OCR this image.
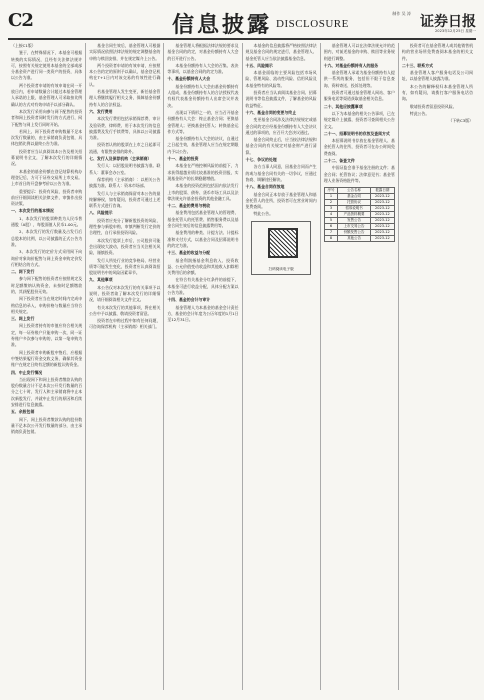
C2	信息披露 DISCLOSURE
制作 吴 涛 证券日报
2023年12月25日 星期一

（上接C1版）

鉴于，在特殊情况下，本基金可根据转换的实际情况，且经有关法律法规许可，按照有关规定使用本基金的全部或部分基金资产进行同一类资产的投资，具体以公告为准。

两个投资者申请的有效申请在同一开放日内，若申请数量合计超过本基金管理人承诺的上限，基金管理人可采取按比例确认的方式对有效申请予以部分确认。

本次发行采用向参与网下配售的投资者和网上投资者同时发行的方式进行，网下配售与网上发行同时开始。

若网上、网下投资者申购数量不足本次发行数量的，由主承销商负责包销，具体包销比例以最终公告为准。

投资者应当认真阅读本公告及相关招募说明书全文，了解本次发行的详细情况。

本基金的基金份额在登记结算机构办理登记后，方可于证券交易所上市交易。上市首日的开盘参考价以公告为准。

重要提示：投资有风险，投资者申购前应仔细阅读相关法律文件，审慎作出投资决策。

一、本次发行的基本情况

1、本次发行的股票种类为人民币普通股（A股），每股面值人民币1.00元。

2、本次发行的发行数量及占发行后总股本的比例，以公司披露的正式公告为准。

3、本次发行的定价方式采用网下向询价对象询价配售与网上资金申购定价发行相结合的方式。

二、网下发行

参与网下配售的投资者应按照规定及时足额缴纳认购资金，未按时足额缴款的，其获配股份无效。

网下投资者应当在规定时间内完成申购信息的录入，申购价格与数量应当符合相关规定。

三、网上发行

网上投资者持有的市值应符合相关规定，每一证券账户只能申购一次，同一证券账户多次参与申购的，以第一笔申购为准。

网上投资者申购新股中签后，应根据中签结果履行资金交收义务，确保其资金账户在规定日终有足额的新股认购资金。

四、中止发行情况

当出现网下和网上投资者缴款认购的股份数量合计不足本次公开发行数量的百分之七十时，发行人和主承销商将中止本次新股发行，并就中止发行的原因和后续安排进行信息披露。

五、余股包销

网下、网上投资者缴款认购的股份数量不足本次公开发行数量的部分，由主承销商负责包销。

基金合同生效后，基金管理人可根据实际情况依照法律法规的规定调整基金的申购与赎回安排，并在规定媒介上公告。

两个投资者申请的有效申请，应按照本公告约定的原则予以确认，基金登记机构在T+1日内对该交易的有效性进行确认。

若基金管理人发生变更，新任基金管理人将继续履行相关义务，保障基金份额持有人的合法权益。

六、发行费用

本次发行费用包括承销保荐费、审计及验资费、律师费、用于本次发行的信息披露费及发行手续费等，具体以公司披露为准。

投资者认购的股票在上市之日起即可流通，有限售安排的除外。

七、发行人及保荐机构（主承销商）

发行人：以招股说明书披露为准。联系人：董事会办公室。

保荐机构（主承销商）：以相关公告披露为准。联系人：资本市场部。

发行人与主承销商保留对本公告的最终解释权，如有疑问，投资者可通过上述联系方式进行咨询。

八、风险提示

投资者应充分了解新股投资的风险，理性参与新股申购，审慎判断发行定价的合理性，自行承担投资风险。

本次发行股票上市后，公司股价可能会出现较大波动，投资者应当关注相关风险，谨慎投资。

发行人所处行业的竞争格局、经营业绩等可能发生变化，投资者应认真阅读招股说明书中的风险因素章节。

九、其他事项

本公告仅对本次发行的有关事项予以说明，投资者欲了解本次发行的详细情况，请仔细阅读相关文件全文。

有关本次发行的其他事项，将在相关公告中予以披露，敬请投资者留意。

投资者在申购过程中如有任何问题，可咨询保荐机构（主承销商）相关部门。

基金管理人将根据法律法规的要求及基金合同的约定，对基金份额持有人大会的召开进行公告。

本基金份额持有人大会的召集、表决等事项，以基金合同的约定为准。

十、基金份额持有人大会

基金份额持有人大会由基金份额持有人组成，基金份额持有人的合法授权代表有权代表基金份额持有人出席会议并表决。

出现以下情形之一的，应当召开基金份额持有人大会：终止基金合同；更换基金管理人；更换基金托管人；转换基金运作方式等。

基金份额持有人大会的决议，自通过之日起生效，基金管理人应当在规定期限内予以公告。

十一、基金的投资

本基金在严格控制风险的前提下，力求获得超越业绩比较基准的投资回报，实现基金资产的长期稳健增值。

本基金的投资范围包括国内依法发行上市的股票、债券、货币市场工具以及法律法规允许基金投资的其他金融工具。

十二、基金的费用与税收

基金费用包括基金管理人的管理费、基金托管人的托管费、销售服务费以及基金合同生效后的信息披露费用等。

基金费用的种类、计提方法、计提标准和支付方式，以基金合同及招募说明书的约定为准。

十三、基金的收益与分配

基金利润指基金利息收入、投资收益、公允价值变动收益和其他收入扣除相关费用后的余额。

在符合有关基金分红条件的前提下，本基金可进行收益分配，具体分配方案以公告为准。

十四、基金的会计与审计

基金管理人为本基金的基金会计责任方，基金的会计年度为公历年度的1月1日至12月31日。

本基金的信息披露将严格按照法律法规及基金合同的规定进行，基金管理人、基金托管人应当依法披露基金信息。

十五、风险揭示

本基金面临的主要风险包括市场风险、管理风险、流动性风险、信用风险及本基金特有的风险等。

投资者应当认真阅读基金合同、招募说明书等信息披露文件，了解基金的风险收益特征。

十六、基金合同的变更与终止

变更基金合同涉及法律法规规定或基金合同约定应经基金份额持有人大会决议通过的事项的，应召开大会决议通过。

基金合同终止后，应当按法律法规和基金合同的有关规定对基金财产进行清算。

十七、争议的处理

各方当事人同意，因基金合同而产生的或与基金合同有关的一切争议，应通过协商、调解途径解决。

十八、基金合同存放地

基金合同正本存放于基金管理人和基金托管人的住所，投资者可在营业时间内免费查阅。

特此公告。

扫码阅读电子版

基金管理人可以在法律法规允许的范围内，对前述基金的申购、赎回等业务规则进行调整。

十九、对基金份额持有人的服务

基金管理人承诺为基金份额持有人提供一系列的服务，包括但不限于信息查询、资料寄送、投诉处理等。

投资者可通过基金管理人网站、客户服务电话等渠道获取基金相关信息。

二十、其他应披露事项

以下为本基金的相关公告事项，已在规定媒介上披露，投资者可查阅相关公告全文。

二十一、招募说明书的存放及查阅方式

本招募说明书存放在基金管理人、基金托管人的住所，投资者可在办公时间免费查阅。

二十二、备查文件

中国证监会准予基金注册的文件；基金合同；托管协议；法律意见书；基金管理人业务资格批件等。

序号	公告名称	披露日期
1	基金合同	2023-12
2	托管协议	2023-12
3	招募说明书	2023-12
4	产品资料概要	2023-12
5	发售公告	2023-12
6	上市交易公告	2023-12
7	份额发售公告	2023-12
8	其他公告	2023-12

投资者可在基金管理人或其他销售机构的营业场所免费查阅本基金的相关文件。

二十三、联系方式

基金管理人客户服务电话及公司网址，以基金管理人披露为准。

本公告的解释权归本基金管理人所有，如有疑问，请拨打客户服务电话咨询。

敬请投资者留意投资风险。

特此公告。

（下转C3版）
